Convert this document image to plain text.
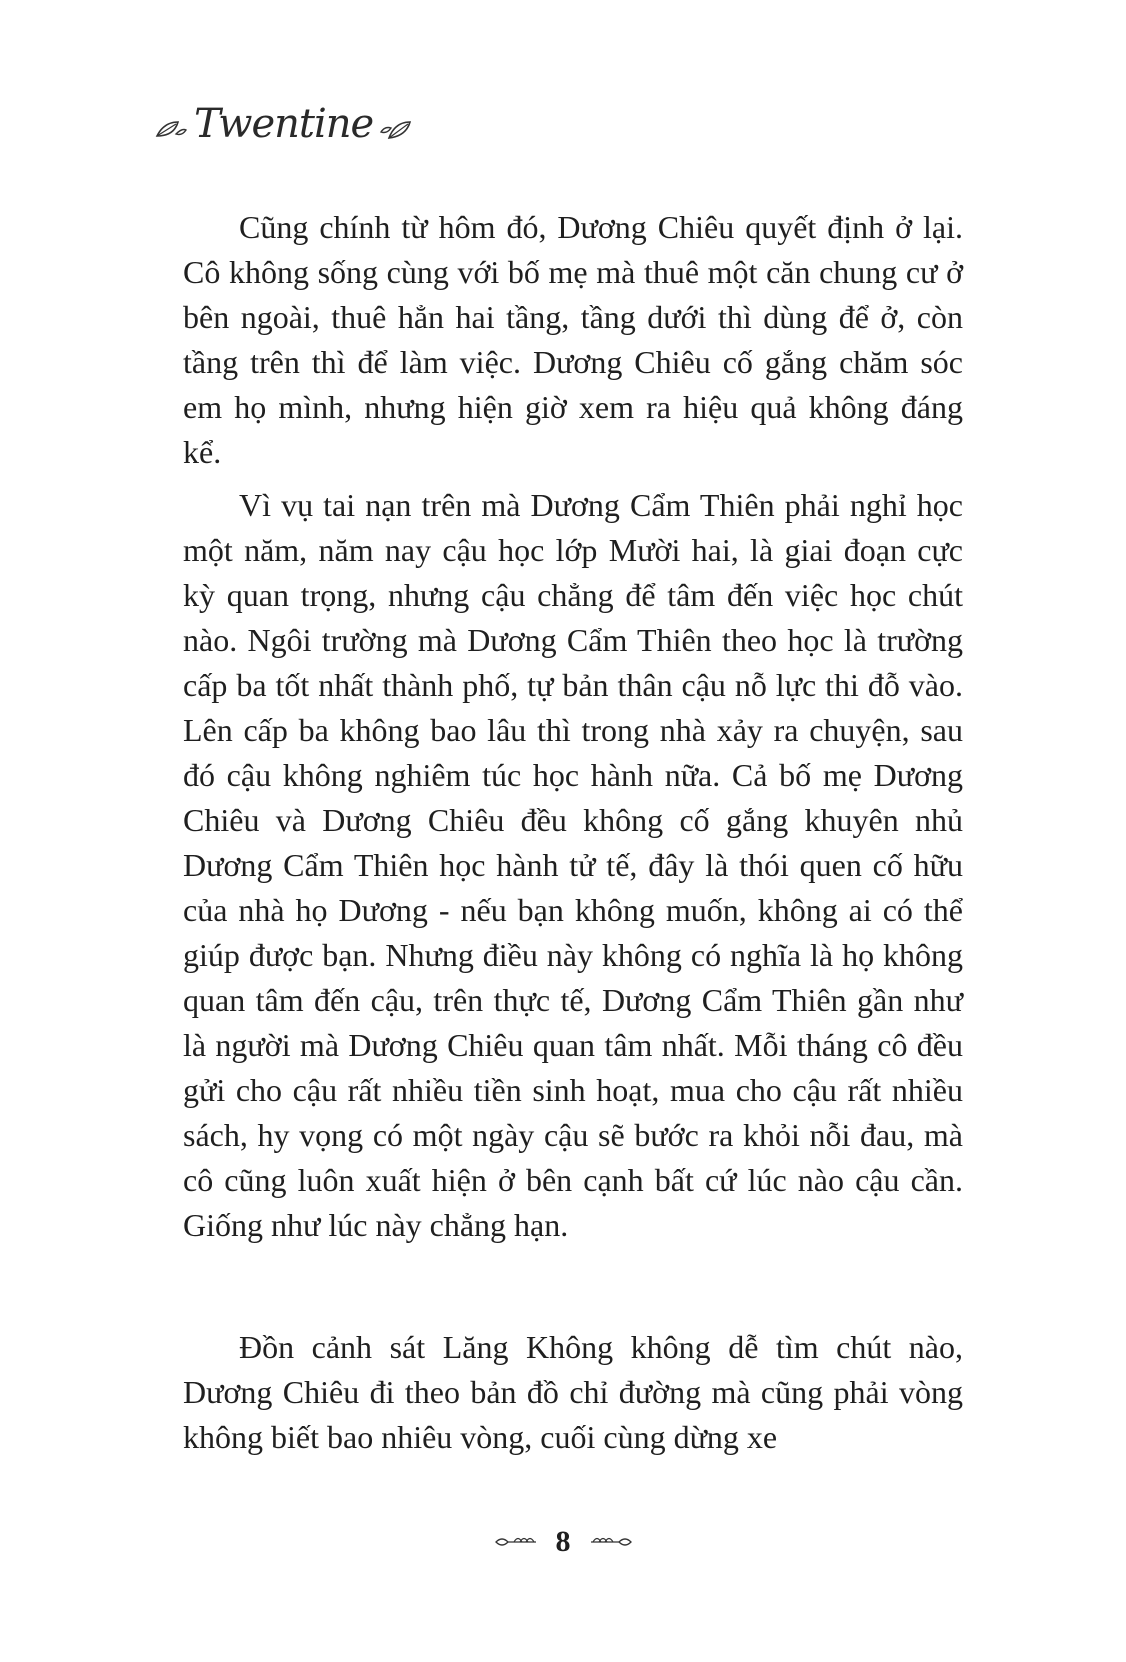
Twentine

Cũng chính từ hôm đó, Dương Chiêu quyết định ở lại. Cô không sống cùng với bố mẹ mà thuê một căn chung cư ở bên ngoài, thuê hẳn hai tầng, tầng dưới thì dùng để ở, còn tầng trên thì để làm việc. Dương Chiêu cố gắng chăm sóc em họ mình, nhưng hiện giờ xem ra hiệu quả không đáng kể.

Vì vụ tai nạn trên mà Dương Cẩm Thiên phải nghỉ học một năm, năm nay cậu học lớp Mười hai, là giai đoạn cực kỳ quan trọng, nhưng cậu chẳng để tâm đến việc học chút nào. Ngôi trường mà Dương Cẩm Thiên theo học là trường cấp ba tốt nhất thành phố, tự bản thân cậu nỗ lực thi đỗ vào. Lên cấp ba không bao lâu thì trong nhà xảy ra chuyện, sau đó cậu không nghiêm túc học hành nữa. Cả bố mẹ Dương Chiêu và Dương Chiêu đều không cố gắng khuyên nhủ Dương Cẩm Thiên học hành tử tế, đây là thói quen cố hữu của nhà họ Dương - nếu bạn không muốn, không ai có thể giúp được bạn. Nhưng điều này không có nghĩa là họ không quan tâm đến cậu, trên thực tế, Dương Cẩm Thiên gần như là người mà Dương Chiêu quan tâm nhất. Mỗi tháng cô đều gửi cho cậu rất nhiều tiền sinh hoạt, mua cho cậu rất nhiều sách, hy vọng có một ngày cậu sẽ bước ra khỏi nỗi đau, mà cô cũng luôn xuất hiện ở bên cạnh bất cứ lúc nào cậu cần. Giống như lúc này chẳng hạn.

Đồn cảnh sát Lăng Không không dễ tìm chút nào, Dương Chiêu đi theo bản đồ chỉ đường mà cũng phải vòng không biết bao nhiêu vòng, cuối cùng dừng xe

8
